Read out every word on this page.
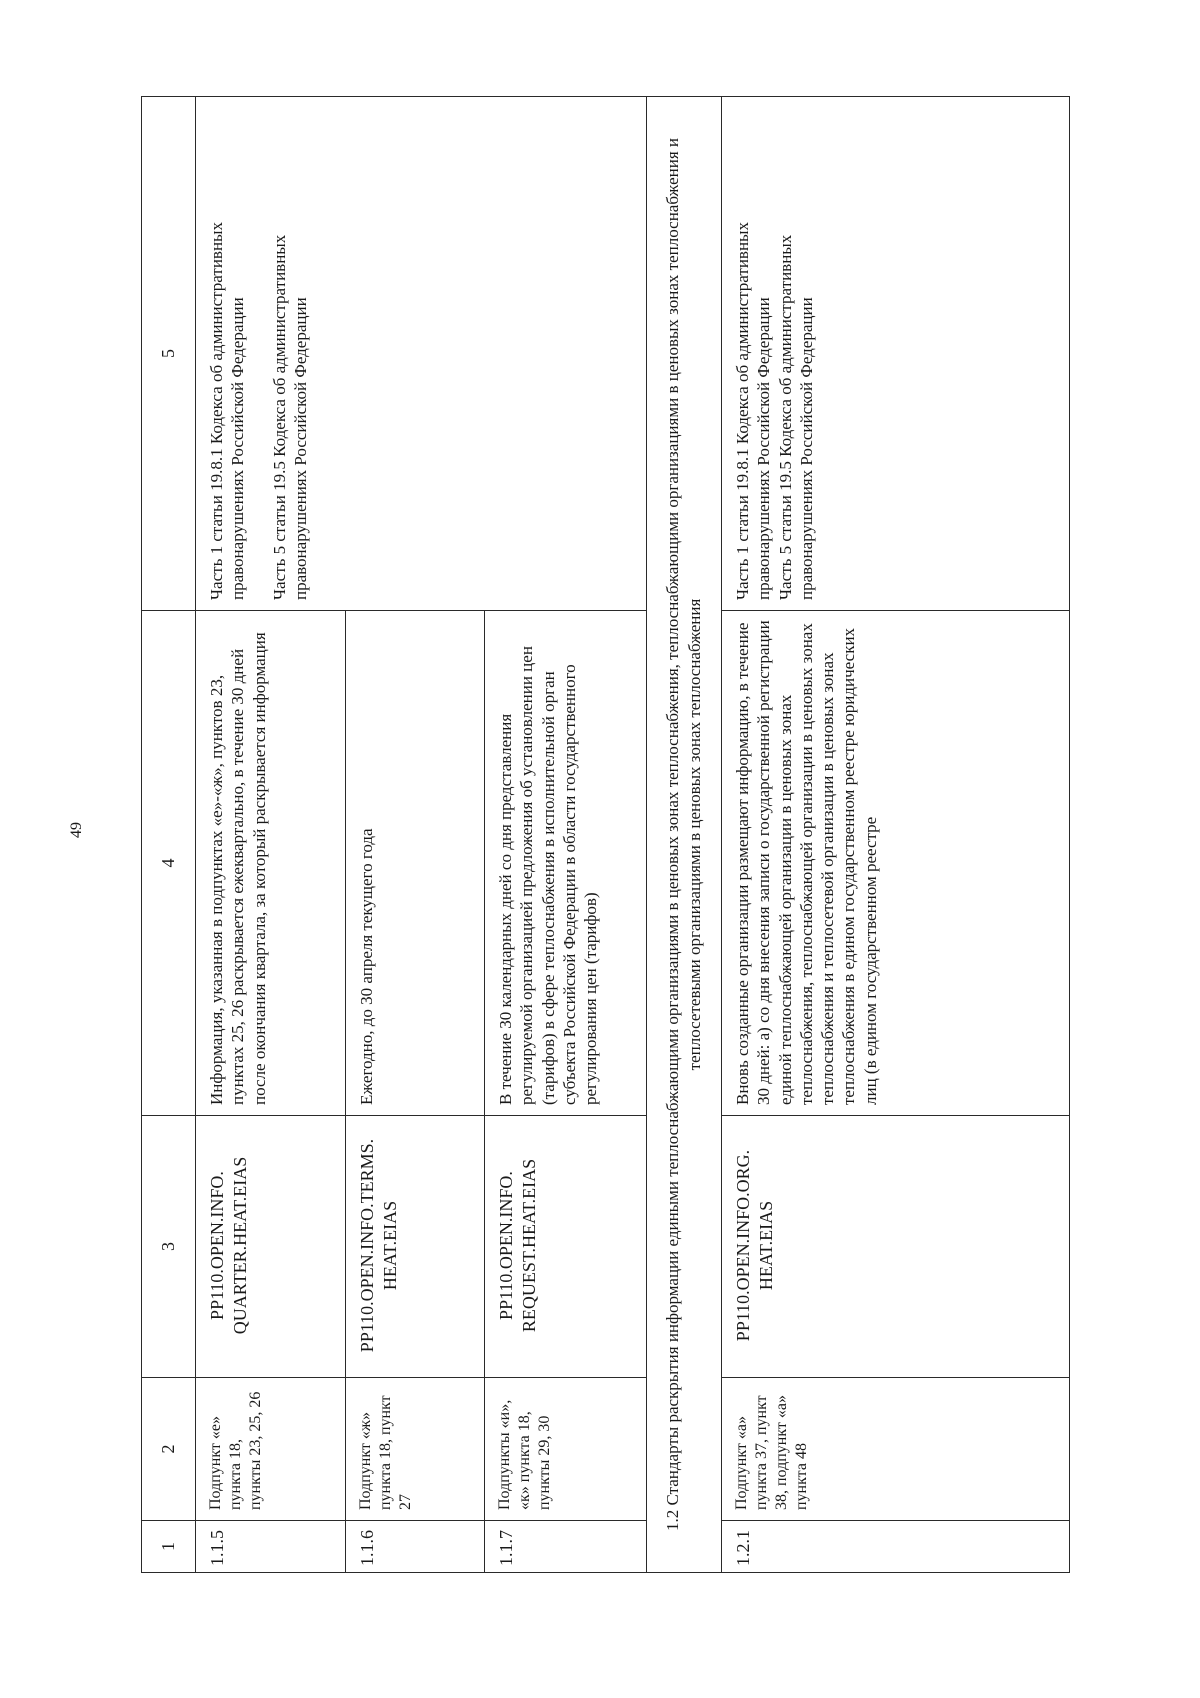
49
1	2	3	4	5
1.1.5	Подпункт «е» пункта 18, пункты 23, 25, 26	PP110.OPEN.INFO. QUARTER.HEAT.EIAS	Информация, указанная в подпунктах «е»-«ж», пунктов 23, пунктах 25, 26 раскрывается ежеквартально, в течение 30 дней после окончания квартала, за который раскрывается информация	Часть 1 статьи 19.8.1 Кодекса об административных правонарушениях Российской Федерации Часть 5 статьи 19.5 Кодекса об административных правонарушениях Российской Федерации

1.1.6	Подпункт «ж» пункта 18, пункт 27	PP110.OPEN.INFO.TERMS. HEAT.EIAS	Ежегодно, до 30 апреля текущего года	
1.1.7	Подпункты «и», «к» пункта 18, пункты 29, 30	PP110.OPEN.INFO. REQUEST.HEAT.EIAS	В течение 30 календарных дней со дня представления регулируемой организацией предложения об установлении цен (тарифов) в сфере теплоснабжения в исполнительной орган субъекта Российской Федерации в области государственного регулирования цен (тарифов)	
1.2 Стандарты раскрытия информации едиными теплоснабжающими организациями в ценовых зонах теплоснабжения, теплоснабжающими организациями в ценовых зонах теплоснабжения и теплосетевыми организациями в ценовых зонах теплоснабжения				
1.2.1	Подпункт «а» пункта 37, пункт 38, подпункт «а» пункта 48	PP110.OPEN.INFO.ORG. HEAT.EIAS	Вновь созданные организации размещают информацию, в течение 30 дней: а) со дня внесения записи о государственной регистрации единой теплоснабжающей организации в ценовых зонах теплоснабжения, теплоснабжающей организации в ценовых зонах теплоснабжения и теплосетевой организации в ценовых зонах теплоснабжения в едином государственном реестре юридических лиц (в едином государственном реестре	Часть 1 статьи 19.8.1 Кодекса об административных правонарушениях Российской Федерации Часть 5 статьи 19.5 Кодекса об административных правонарушениях Российской Федерации
